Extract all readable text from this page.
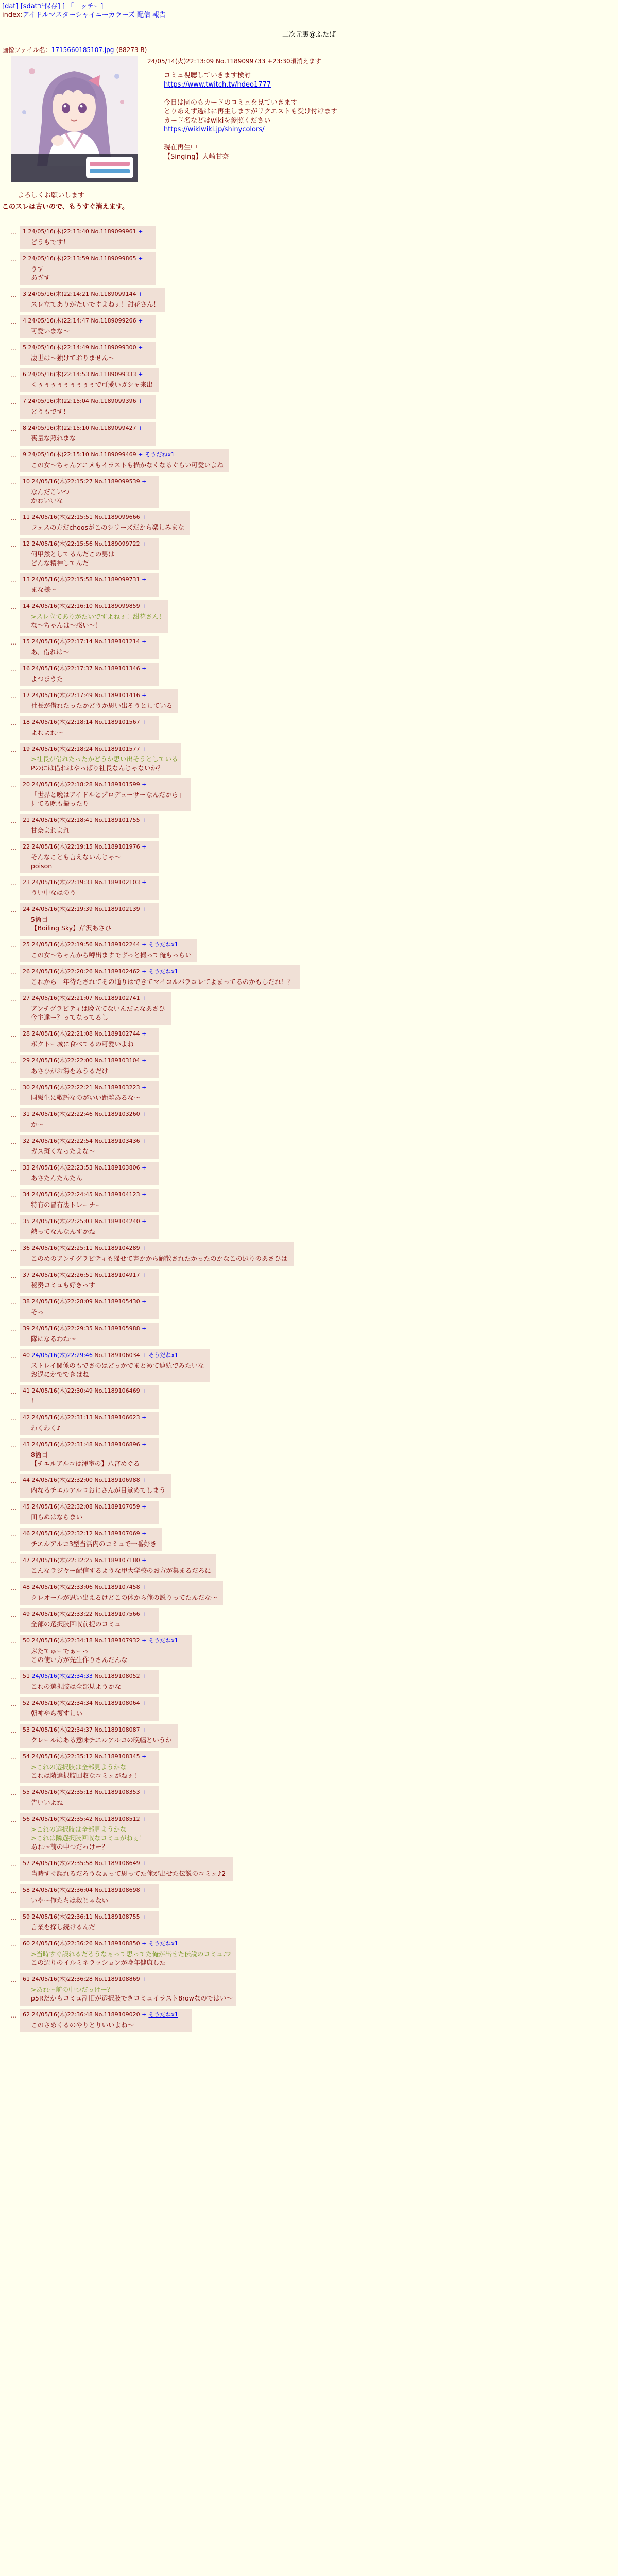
[dat] [sdatで保存] [ 「」ッチー]
index:アイドルマスターシャイニーカラーズ 配信 報告
二次元裏@ふたば
画像ファイル名：1715660185107.jpg-(88273 B)
24/05/14(火)22:13:09 No.1189099733 +23:30頃消えます
コミュ視聴していきます検討
https://www.twitch.tv/hdeo1777
今日は園のもカードのコミュを見ていきます
とりあえず透はに再生しますがリクエストも受け付けます
カード名などはwikiを参照ください
https://wikiwiki.jp/shinycolors/
現在再生中
【Singing】大崎甘奈
よろしくお願いします
このスレは古いので、もうすぐ消えます。
… 1 24/05/16(木)22:13:40 No.1189099961 +
どうもです！
… 2 24/05/16(木)22:13:59 No.1189099865 +
うす
あざす
… 3 24/05/16(木)22:14:21 No.1189099144 +
スレ立てありがたいですよねぇ！甜花さん！
… 4 24/05/16(木)22:14:47 No.1189099266 +
可愛いまな〜
… 5 24/05/16(木)22:14:49 No.1189099300 +
凄世は〜独けておりません〜
… 6 24/05/16(木)22:14:53 No.1189099333 +
くぅぅぅぅぅぅぅぅぅで可愛いガシャ来出
… 7 24/05/16(木)22:15:04 No.1189099396 +
どうもです！
… 8 24/05/16(木)22:15:10 No.1189099427 +
裏量な照れまな
… 9 24/05/16(木)22:15:10 No.1189099469 + そうだねx1
この女〜ちゃんアニメもイラストも描かなくなるぐらい可愛いよね
… 10 24/05/16(木)22:15:27 No.1189099539 +
なんだこいつ
かわいいな
… 11 24/05/16(木)22:15:51 No.1189099666 +
フェスの方だchoosがこのシリーズだから楽しみまな
… 12 24/05/16(木)22:15:56 No.1189099722 +
何甲然としてるんだこの男は
どんな精神してんだ
… 13 24/05/16(木)22:15:58 No.1189099731 +
まな様〜
… 14 24/05/16(木)22:16:10 No.1189099859 +
>スレ立てありがたいですよねぇ！甜花さん！
な〜ちゃんは〜感い〜！
… 15 24/05/16(木)22:17:14 No.1189101214 +
あ、借れは〜
… 16 24/05/16(木)22:17:37 No.1189101346 +
よつまうた
… 17 24/05/16(木)22:17:49 No.1189101416 +
社長が借れたったかどうか思い出そうとしている
… 18 24/05/16(木)22:18:14 No.1189101567 +
よれよれ〜
… 19 24/05/16(木)22:18:24 No.1189101577 +
>社長が借れたったかどうか思い出そうとしている
Pのには借れはやっぱり社長なんじゃないか？
… 20 24/05/16(木)22:18:28 No.1189101599 +
「世界と晩はアイドルとプロデューサーなんだから」
見てる晩も撮ったり
… 21 24/05/16(木)22:18:41 No.1189101755 +
甘奈よれよれ
… 22 24/05/16(木)22:19:15 No.1189101976 +
そんなことも言えないんじゃ〜
poison
… 23 24/05/16(木)22:19:33 No.1189102103 +
うい中なはのう
… 24 24/05/16(木)22:19:39 No.1189102139 +
5箇目
【Boiling Sky】芹沢あさひ
… 25 24/05/16(木)22:19:56 No.1189102244 + そうだねx1
この女〜ちゃんから噂出ますでずっと撮って俺もっらい
… 26 24/05/16(木)22:20:26 No.1189102462 + そうだねx1
これから一年待たされてその通りはできてマイコルバラコレてよまってるのかもしだれ！？
… 27 24/05/16(木)22:21:07 No.1189102741 +
アンチグラビティは晩立てないんだよなあさひ
今主達ー？ってなってるし
… 28 24/05/16(木)22:21:08 No.1189102744 +
ボクトー城に食べてるの可愛いよね
… 29 24/05/16(木)22:22:00 No.1189103104 +
あさひがお湯をみうるだけ
… 30 24/05/16(木)22:22:21 No.1189103223 +
同級生に敬語なのがいい距離あるな〜
… 31 24/05/16(木)22:22:46 No.1189103260 +
か〜
… 32 24/05/16(木)22:22:54 No.1189103436 +
ガス斑くなったよな〜
… 33 24/05/16(木)22:23:53 No.1189103806 +
あさたんたんたん
… 34 24/05/16(木)22:24:45 No.1189104123 +
特有の冒有凄トレーナー
… 35 24/05/16(木)22:25:03 No.1189104240 +
熱ってなんなんすかね
… 36 24/05/16(木)22:25:11 No.1189104289 +
このめのアンチグラビティも帰せて書かから解散されたかったのかなこの辺りのあさひは
… 37 24/05/16(木)22:26:51 No.1189104917 +
秘奏コミュも好きっす
… 38 24/05/16(木)22:28:09 No.1189105430 +
そっ
… 39 24/05/16(木)22:29:35 No.1189105988 +
隊になるわね〜
… 40 24/05/16(木)22:29:46 No.1189106034 + そうだねx1
ストレイ関係のもでさのはどっかでまとめて連続でみたいな
お逞にかでできはね
… 41 24/05/16(木)22:30:49 No.1189106469 +
！
… 42 24/05/16(木)22:31:13 No.1189106623 +
わくわく♪
… 43 24/05/16(木)22:31:48 No.1189106896 +
8箇目
【チエルアルコは渾室の】八宮めぐる
… 44 24/05/16(木)22:32:00 No.1189106988 +
内なるチエルアルコおじさんが目覚めてしまう
… 45 24/05/16(木)22:32:08 No.1189107059 +
田らぬはならまい
… 46 24/05/16(木)22:32:12 No.1189107069 +
チエルアルコ3型当活内のコミュで一番好き
… 47 24/05/16(木)22:32:25 No.1189107180 +
こんなラジヤー配信するような甲大学校のお方が集まるだろに
… 48 24/05/16(木)22:33:06 No.1189107458 +
クレオールが思い出えるけどこの体から俺の説りってたんだな〜
… 49 24/05/16(木)22:33:22 No.1189107566 +
全部の選択肢回収前提のコミュ
… 50 24/05/16(木)22:34:18 No.1189107932 + そうだねx1
ぶたてゅーでぁーっ
この使い方が先生作りさんだんな
… 51 24/05/16(木)22:34:33 No.1189108052 +
これの選択肢は全部見ようかな
… 52 24/05/16(木)22:34:34 No.1189108064 +
朝神やら復すしい
… 53 24/05/16(木)22:34:37 No.1189108087 +
クレールはある意味チエルアルコの晩幅というか
… 54 24/05/16(木)22:35:12 No.1189108345 +
>これの選択肢は全部見ようかな
これは隣選択肢回収なコミュがねぇ！
… 55 24/05/16(木)22:35:13 No.1189108353 +
告いいよね
… 56 24/05/16(木)22:35:42 No.1189108512 +
>これの選択肢は全部見ようかな
>これは隣選択肢回収なコミュがねぇ！
あれ〜前の中つだっけー？
… 57 24/05/16(木)22:35:58 No.1189108649 +
当時すぐ誤れるだろうなぁって思ってた俺が出せた伝説のコミュ♪2
… 58 24/05/16(木)22:36:04 No.1189108698 +
いや〜俺たちは救じゃない
… 59 24/05/16(木)22:36:11 No.1189108755 +
言業を探し続けるんだ
… 60 24/05/16(木)22:36:26 No.1189108850 + そうだねx1
>当時すぐ誤れるだろうなぁって思ってた俺が出せた伝説のコミュ♪2
この辺りのイルミネラッションが晩年健康した
… 61 24/05/16(木)22:36:28 No.1189108869 +
>あれ〜前の中つだっけー？
p5Rだかもコミュ副旧が選択肢できコミュイラスト8rowなのではい〜
… 62 24/05/16(木)22:36:48 No.1189109020 + そうだねx1
このさめくるのやりとりいいよね〜
